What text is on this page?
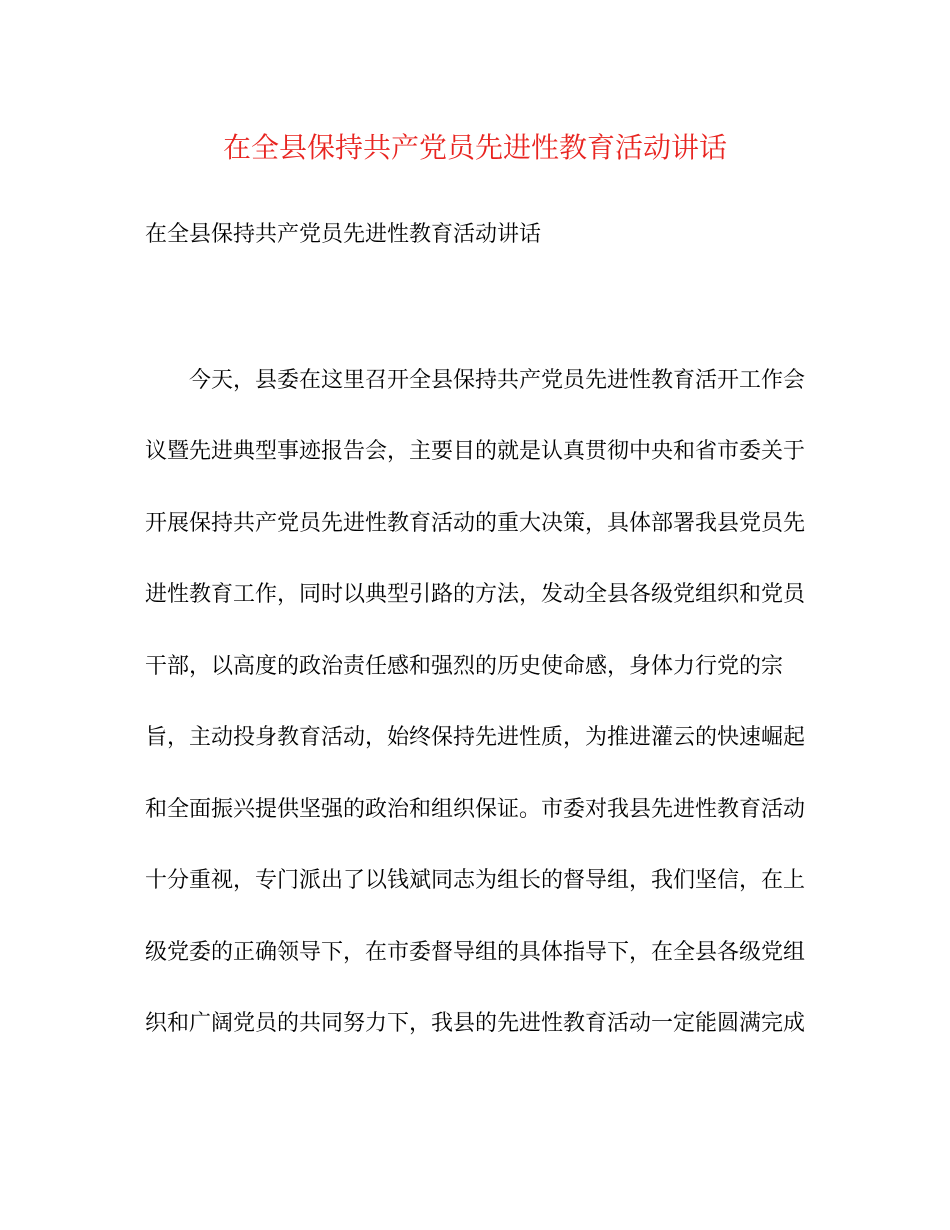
在全县保持共产党员先进性教育活动讲话
在全县保持共产党员先进性教育活动讲话
今天，县委在这里召开全县保持共产党员先进性教育活开工作会
议暨先进典型事迹报告会，主要目的就是认真贯彻中央和省市委关于
开展保持共产党员先进性教育活动的重大决策，具体部署我县党员先
进性教育工作，同时以典型引路的方法，发动全县各级党组织和党员
干部，以高度的政治责任感和强烈的历史使命感，身体力行党的宗
旨，主动投身教育活动，始终保持先进性质，为推进灌云的快速崛起
和全面振兴提供坚强的政治和组织保证。市委对我县先进性教育活动
十分重视，专门派出了以钱斌同志为组长的督导组，我们坚信，在上
级党委的正确领导下，在市委督导组的具体指导下，在全县各级党组
织和广阔党员的共同努力下，我县的先进性教育活动一定能圆满完成
